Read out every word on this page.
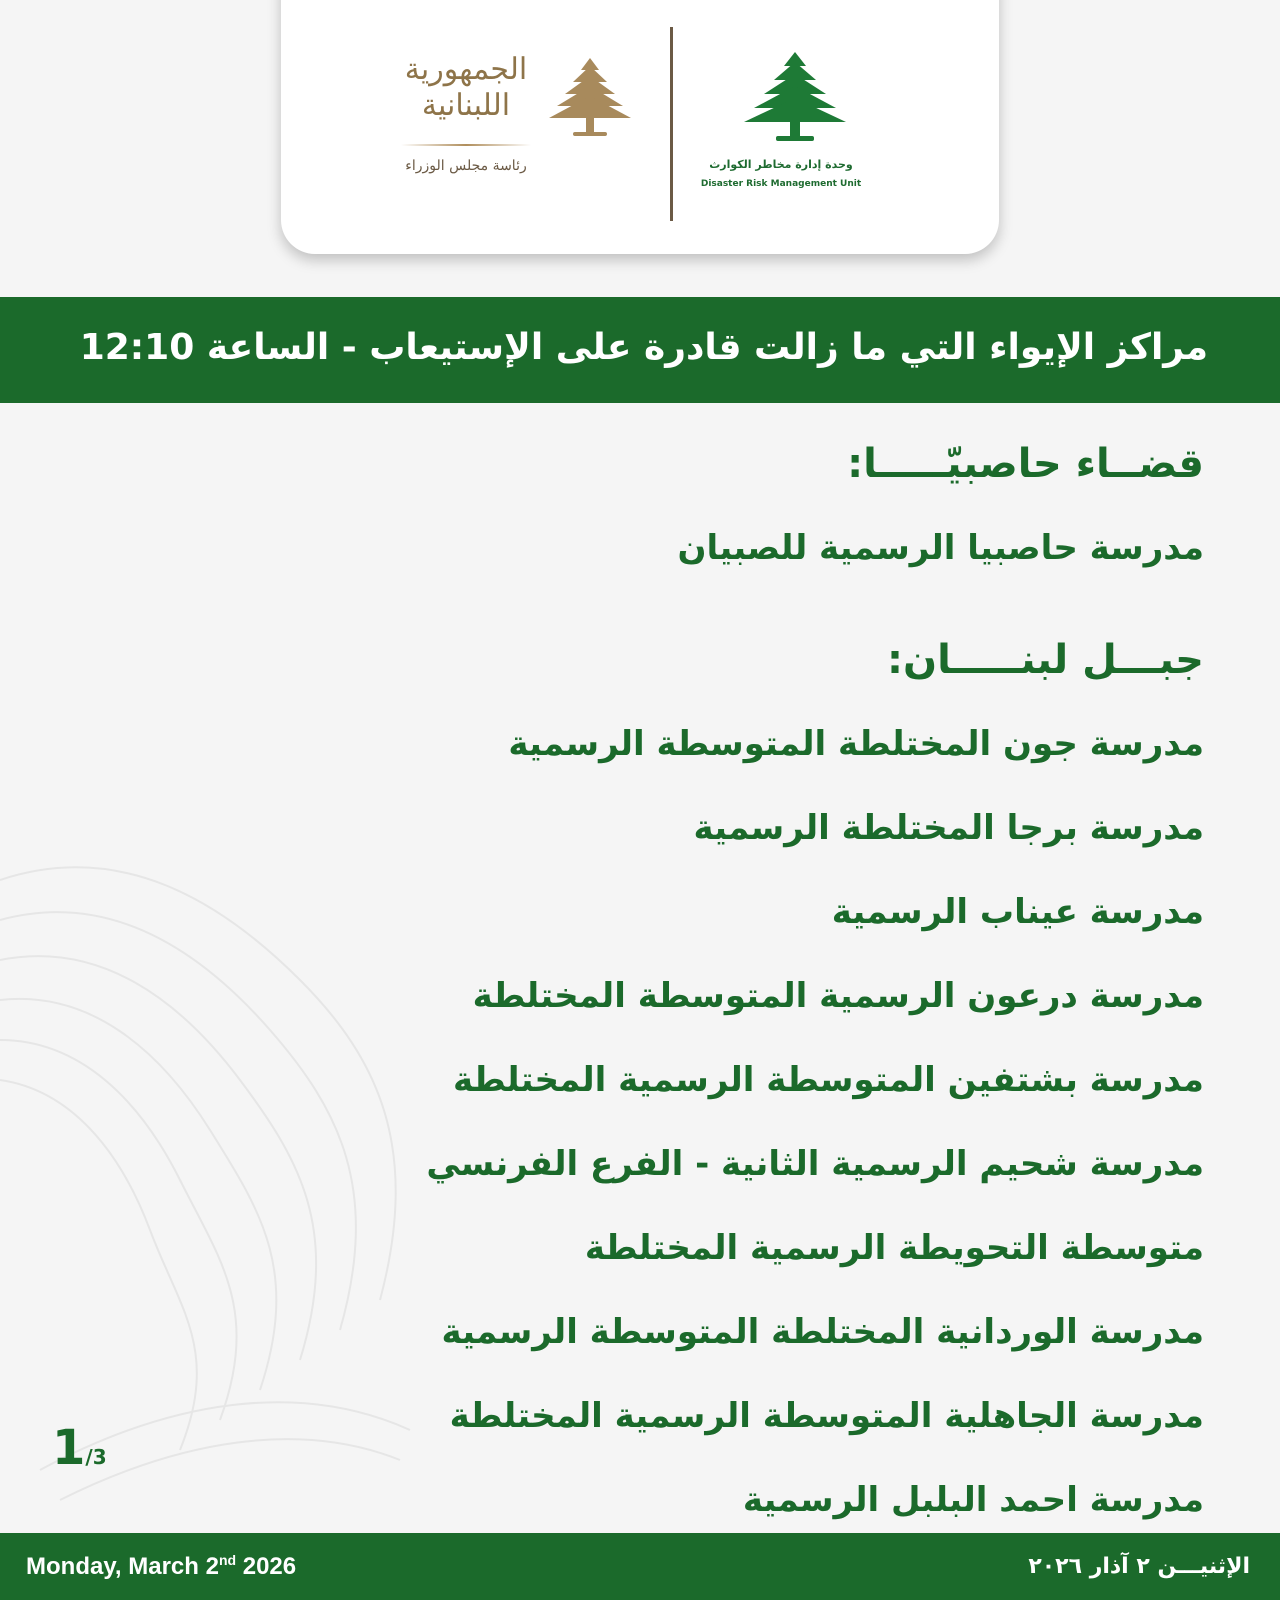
الجمهورية اللبنانية
رئاسة مجلس الوزراء	وحدة إدارة مخاطر الكوارث
Disaster Risk Management Unit
مراكز الإيواء التي ما زالت قادرة على الإستيعاب - الساعة 12:10
قضــاء حاصبيّـــــا:
مدرسة حاصبيا الرسمية للصبيان
جبـــل لبنـــــان:
مدرسة جون المختلطة المتوسطة الرسمية
مدرسة برجا المختلطة الرسمية
مدرسة عيناب الرسمية
مدرسة درعون الرسمية المتوسطة المختلطة
مدرسة بشتفين المتوسطة الرسمية المختلطة
مدرسة شحيم الرسمية الثانية - الفرع الفرنسي
متوسطة التحويطة الرسمية المختلطة
مدرسة الوردانية المختلطة المتوسطة الرسمية
مدرسة الجاهلية المتوسطة الرسمية المختلطة
مدرسة احمد البلبل الرسمية
1/3
Monday, March 2nd 2026	الإثنيـــن ٢ آذار ٢٠٢٦
